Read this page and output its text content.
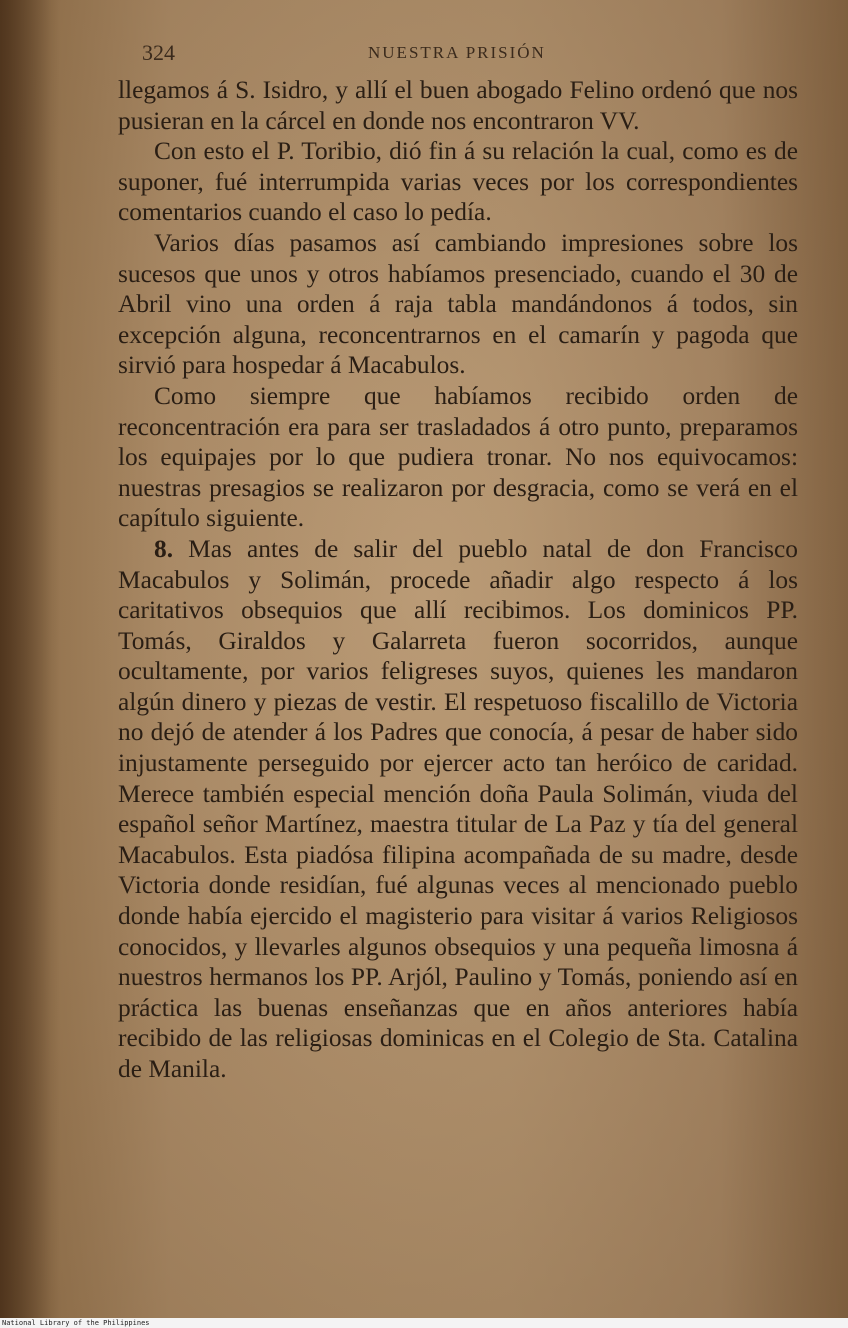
324	NUESTRA PRISIÓN

llegamos á S. Isidro, y allí el buen abogado Felino ordenó que nos pusieran en la cárcel en donde nos encontraron VV.

Con esto el P. Toribio, dió fin á su relación la cual, como es de suponer, fué interrumpida varias veces por los correspondientes comentarios cuando el caso lo pedía.

Varios días pasamos así cambiando impresiones sobre los sucesos que unos y otros habíamos presenciado, cuando el 30 de Abril vino una orden á raja tabla mandándonos á todos, sin excepción alguna, reconcentrarnos en el camarín y pagoda que sirvió para hospedar á Macabulos.

Como siempre que habíamos recibido orden de reconcentración era para ser trasladados á otro punto, preparamos los equipajes por lo que pudiera tronar. No nos equivocamos: nuestras presagios se realizaron por desgracia, como se verá en el capítulo siguiente.

8. Mas antes de salir del pueblo natal de don Francisco Macabulos y Solimán, procede añadir algo respecto á los caritativos obsequios que allí recibimos. Los dominicos PP. Tomás, Giraldos y Galarreta fueron socorridos, aunque ocultamente, por varios feligreses suyos, quienes les mandaron algún dinero y piezas de vestir. El respetuoso fiscalillo de Victoria no dejó de atender á los Padres que conocía, á pesar de haber sido injustamente perseguido por ejercer acto tan heróico de caridad. Merece también especial mención doña Paula Solimán, viuda del español señor Martínez, maestra titular de La Paz y tía del general Macabulos. Esta piadósa filipina acompañada de su madre, desde Victoria donde residían, fué algunas veces al mencionado pueblo donde había ejercido el magisterio para visitar á varios Religiosos conocidos, y llevarles algunos obsequios y una pequeña limosna á nuestros hermanos los PP. Arjól, Paulino y Tomás, poniendo así en práctica las buenas enseñanzas que en años anteriores había recibido de las religiosas dominicas en el Colegio de Sta. Catalina de Manila.

National Library of the Philippines
